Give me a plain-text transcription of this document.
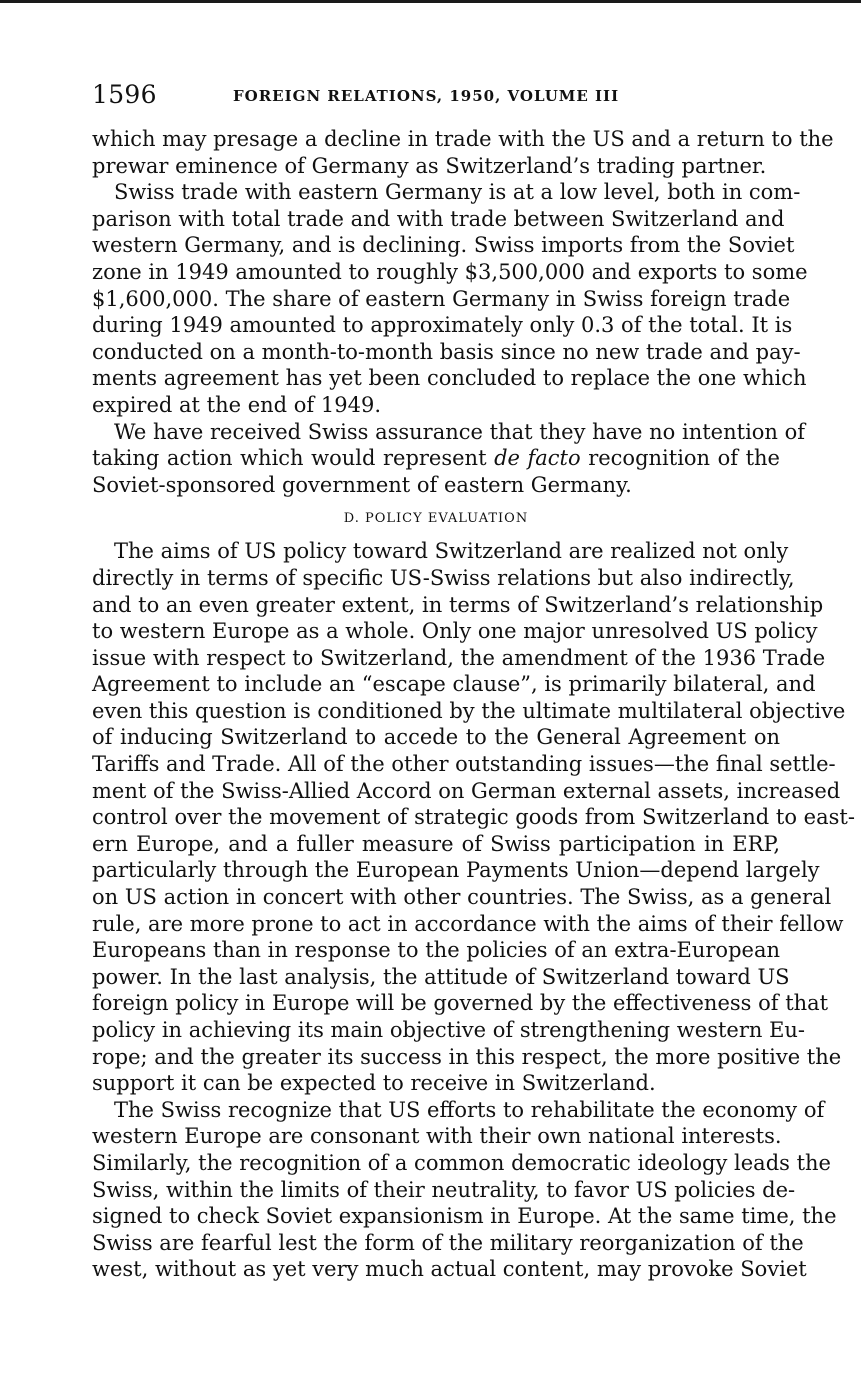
1596	FOREIGN RELATIONS, 1950, VOLUME III

which may presage a decline in trade with the US and a return to the
prewar eminence of Germany as Switzerland’s trading partner.

Swiss trade with eastern Germany is at a low level, both in com-
parison with total trade and with trade between Switzerland and
western Germany, and is declining. Swiss imports from the Soviet
zone in 1949 amounted to roughly $3,500,000 and exports to some
$1,600,000. The share of eastern Germany in Swiss foreign trade
during 1949 amounted to approximately only 0.3 of the total. It is
conducted on a month-to-month basis since no new trade and pay-
ments agreement has yet been concluded to replace the one which
expired at the end of 1949.

We have received Swiss assurance that they have no intention of
taking action which would represent de facto recognition of the
Soviet-sponsored government of eastern Germany.

D. POLICY EVALUATION

The aims of US policy toward Switzerland are realized not only
directly in terms of specific US-Swiss relations but also indirectly,
and to an even greater extent, in terms of Switzerland’s relationship
to western Europe as a whole. Only one major unresolved US policy
issue with respect to Switzerland, the amendment of the 1936 Trade
Agreement to include an “escape clause”, is primarily bilateral, and
even this question is conditioned by the ultimate multilateral objective
of inducing Switzerland to accede to the General Agreement on
Tariffs and Trade. All of the other outstanding issues—the final settle-
ment of the Swiss-Allied Accord on German external assets, increased
control over the movement of strategic goods from Switzerland to east-
ern Europe, and a fuller measure of Swiss participation in ERP,
particularly through the European Payments Union—depend largely
on US action in concert with other countries. The Swiss, as a general
rule, are more prone to act in accordance with the aims of their fellow
Europeans than in response to the policies of an extra-European
power. In the last analysis, the attitude of Switzerland toward US
foreign policy in Europe will be governed by the effectiveness of that
policy in achieving its main objective of strengthening western Eu-
rope; and the greater its success in this respect, the more positive the
support it can be expected to receive in Switzerland.

The Swiss recognize that US efforts to rehabilitate the economy of
western Europe are consonant with their own national interests.
Similarly, the recognition of a common democratic ideology leads the
Swiss, within the limits of their neutrality, to favor US policies de-
signed to check Soviet expansionism in Europe. At the same time, the
Swiss are fearful lest the form of the military reorganization of the
west, without as yet very much actual content, may provoke Soviet
